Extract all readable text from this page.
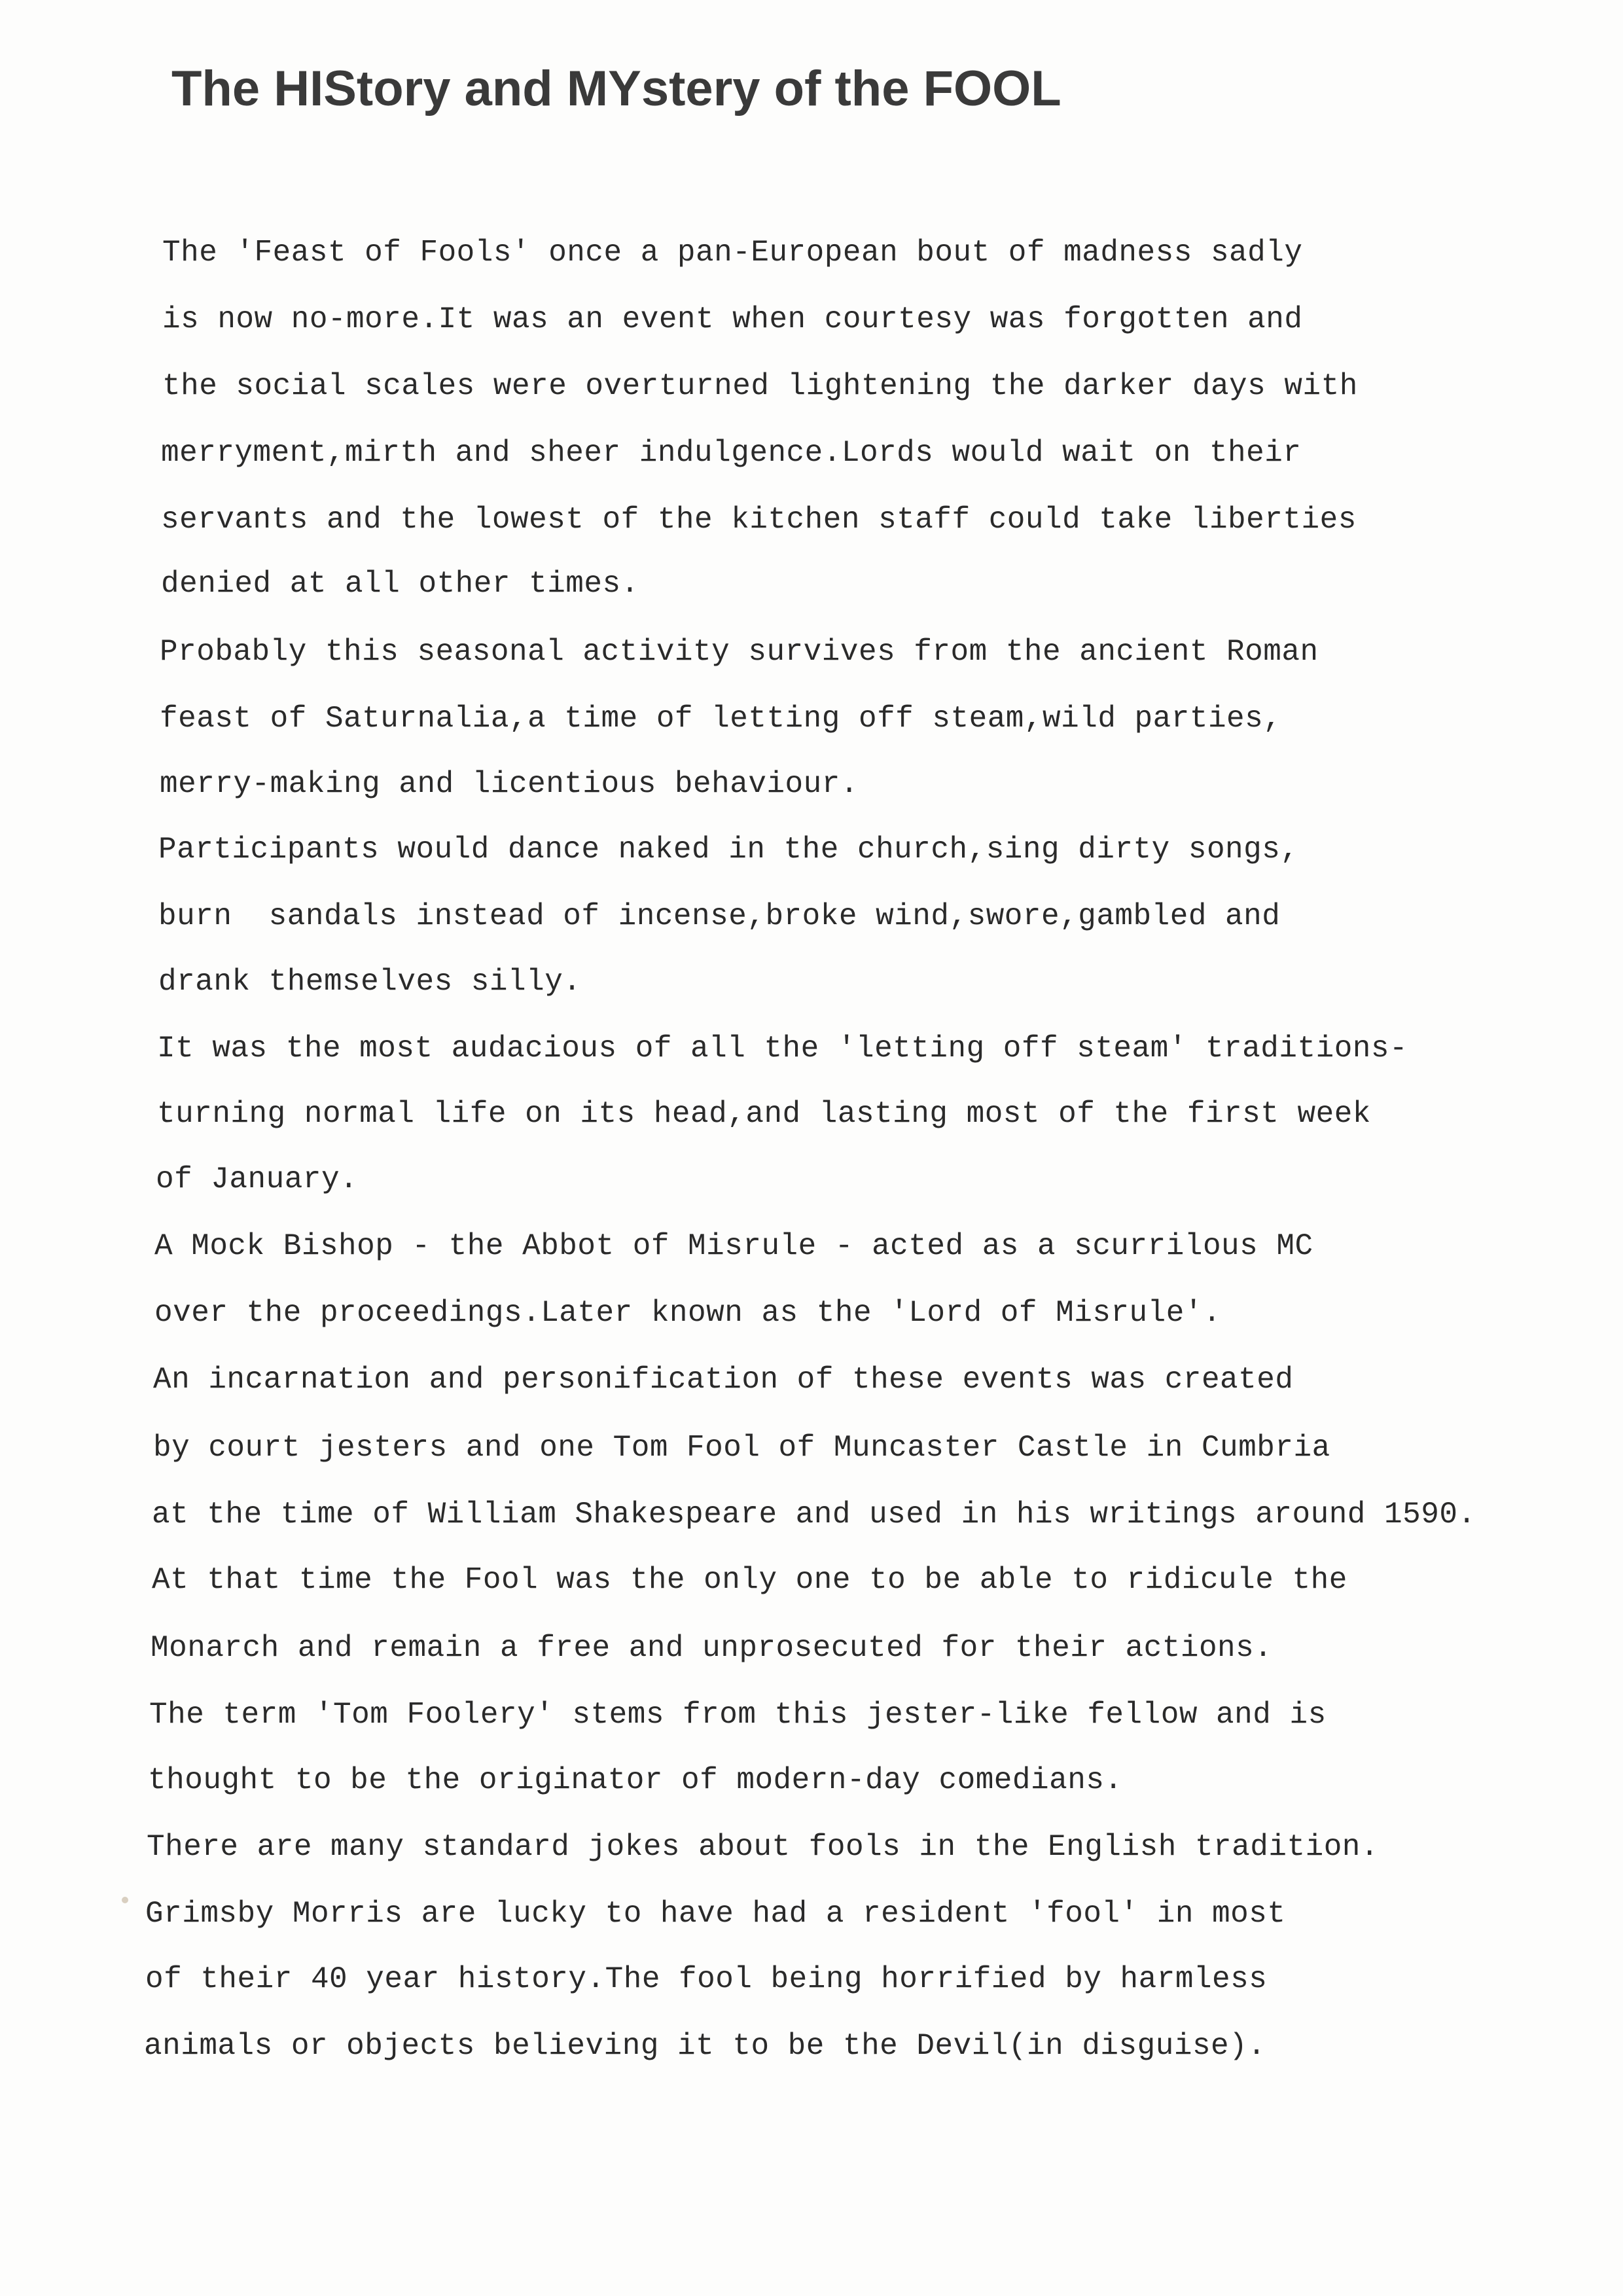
The HIStory and MYstery of the FOOL
The 'Feast of Fools' once a pan-European bout of madness sadly
is now no-more.It was an event when courtesy was forgotten and
the social scales were overturned lightening the darker days with
merryment,mirth and sheer indulgence.Lords would wait on their
servants and the lowest of the kitchen staff could take liberties
denied at all other times.
Probably this seasonal activity survives from the ancient Roman
feast of Saturnalia,a time of letting off steam,wild parties,
merry-making and licentious behaviour.
Participants would dance naked in the church,sing dirty songs,
burn  sandals instead of incense,broke wind,swore,gambled and
drank themselves silly.
It was the most audacious of all the 'letting off steam' traditions-
turning normal life on its head,and lasting most of the first week
of January.
A Mock Bishop - the Abbot of Misrule - acted as a scurrilous MC
over the proceedings.Later known as the 'Lord of Misrule'.
An incarnation and personification of these events was created
by court jesters and one Tom Fool of Muncaster Castle in Cumbria
at the time of William Shakespeare and used in his writings around 1590.
At that time the Fool was the only one to be able to ridicule the
Monarch and remain a free and unprosecuted for their actions.
The term 'Tom Foolery' stems from this jester-like fellow and is
thought to be the originator of modern-day comedians.
There are many standard jokes about fools in the English tradition.
Grimsby Morris are lucky to have had a resident 'fool' in most
of their 40 year history.The fool being horrified by harmless
animals or objects believing it to be the Devil(in disguise).
